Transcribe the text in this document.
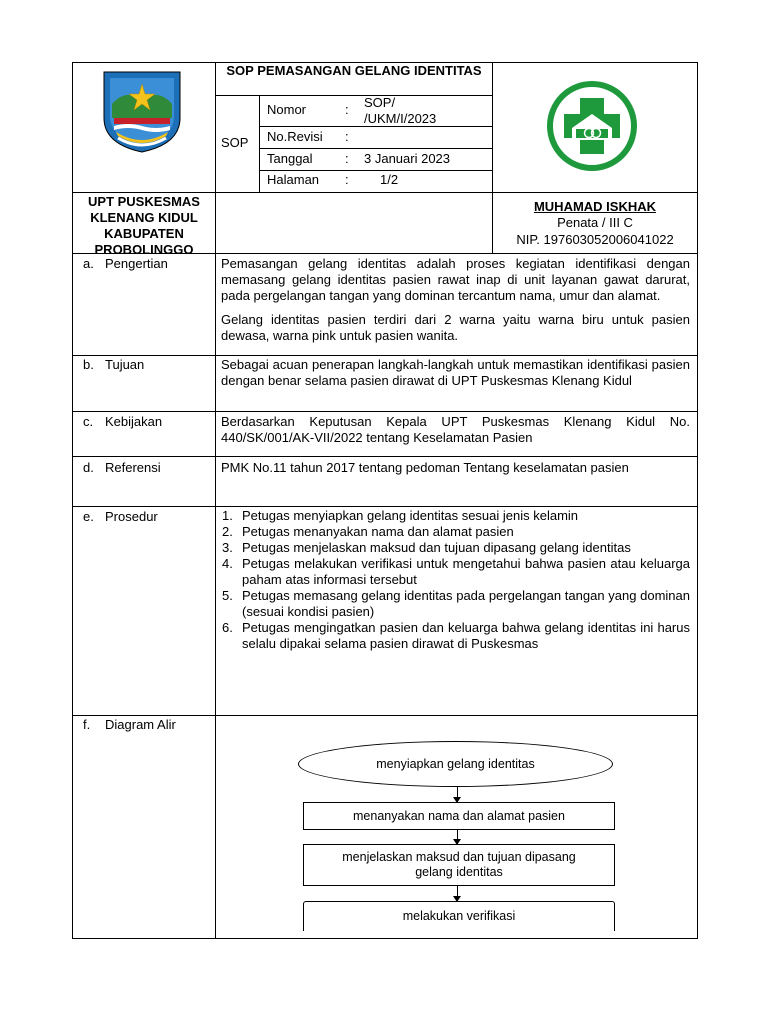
SOP PEMASANGAN GELANG IDENTITAS
SOP
Nomor	: SOP/ /UKM/I/2023
No.Revisi :
Tanggal : 3 Januari 2023
Halaman : 1/2
UPT PUSKESMAS KLENANG KIDUL KABUPATEN PROBOLINGGO
MUHAMAD ISKHAK
Penata / III C
NIP. 197603052006041022
a. Pengertian	Pemasangan gelang identitas adalah proses kegiatan identifikasi dengan memasang gelang identitas pasien rawat inap di unit layanan gawat darurat, pada pergelangan tangan yang dominan tercantum nama, umur dan alamat.
Gelang identitas pasien terdiri dari 2 warna yaitu warna biru untuk pasien dewasa, warna pink untuk pasien wanita.
b. Tujuan	Sebagai acuan penerapan langkah-langkah untuk memastikan identifikasi pasien dengan benar selama pasien dirawat di UPT Puskesmas Klenang Kidul
c. Kebijakan	Berdasarkan Keputusan Kepala UPT Puskesmas Klenang Kidul No. 440/SK/001/AK-VII/2022 tentang Keselamatan Pasien
d. Referensi	PMK No.11 tahun 2017 tentang pedoman Tentang keselamatan pasien
e. Prosedur	1. Petugas menyiapkan gelang identitas sesuai jenis kelamin
2. Petugas menanyakan nama dan alamat pasien
3. Petugas menjelaskan maksud dan tujuan dipasang gelang identitas
4. Petugas melakukan verifikasi untuk mengetahui bahwa pasien atau keluarga paham atas informasi tersebut
5. Petugas memasang gelang identitas pada pergelangan tangan yang dominan (sesuai kondisi pasien)
6. Petugas mengingatkan pasien dan keluarga bahwa gelang identitas ini harus selalu dipakai selama pasien dirawat di Puskesmas
f. Diagram Alir
menyiapkan gelang identitas
menanyakan nama dan alamat pasien
menjelaskan maksud dan tujuan dipasang gelang identitas
melakukan verifikasi
